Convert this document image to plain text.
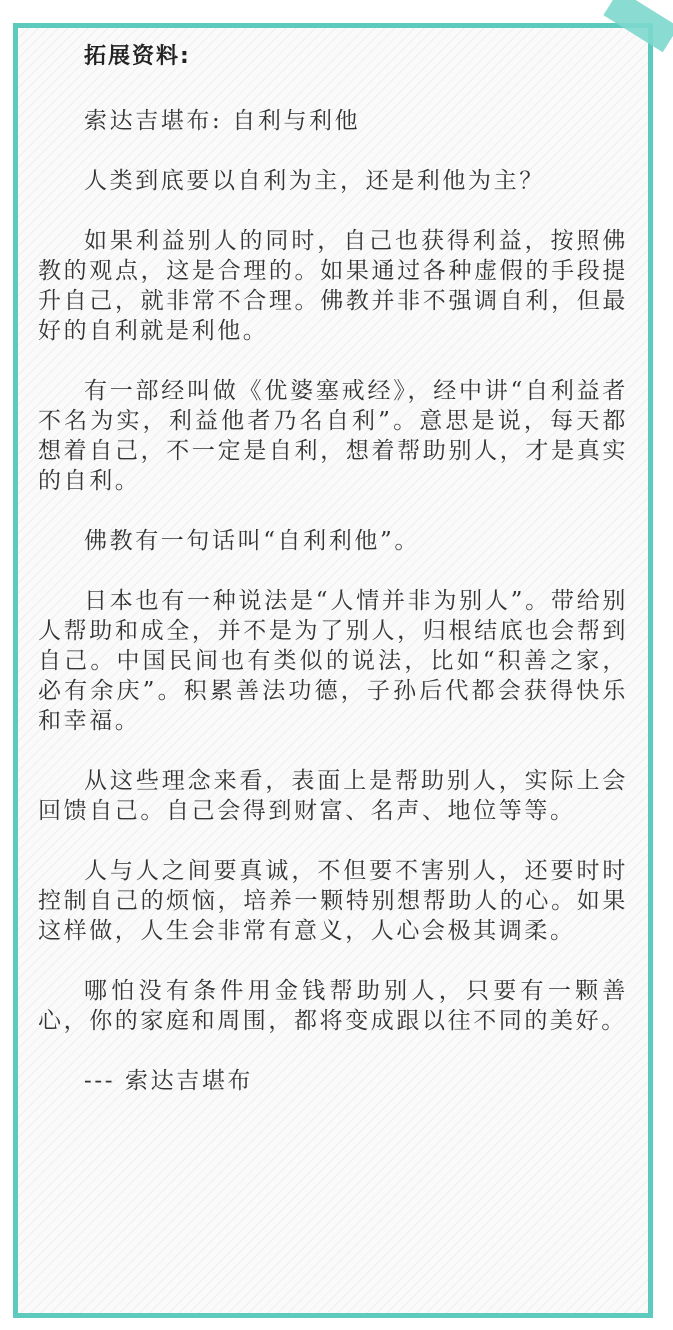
拓展资料:

索达吉堪布: 自利与利他

人类到底要以自利为主，还是利他为主？

如果利益别人的同时，自己也获得利益，按照佛教的观点，这是合理的。如果通过各种虚假的手段提升自己，就非常不合理。佛教并非不强调自利，但最好的自利就是利他。

有一部经叫做《优婆塞戒经》，经中讲“自利益者不名为实，利益他者乃名自利”。意思是说，每天都想着自己，不一定是自利，想着帮助别人，才是真实的自利。

佛教有一句话叫“自利利他”。

日本也有一种说法是“人情并非为别人”。带给别人帮助和成全，并不是为了别人，归根结底也会帮到自己。中国民间也有类似的说法，比如“积善之家，必有余庆”。积累善法功德，子孙后代都会获得快乐和幸福。

从这些理念来看，表面上是帮助别人，实际上会回馈自己。自己会得到财富、名声、地位等等。

人与人之间要真诚，不但要不害别人，还要时时控制自己的烦恼，培养一颗特别想帮助人的心。如果这样做，人生会非常有意义，人心会极其调柔。

哪怕没有条件用金钱帮助别人，只要有一颗善心，你的家庭和周围，都将变成跟以往不同的美好。

--- 索达吉堪布
